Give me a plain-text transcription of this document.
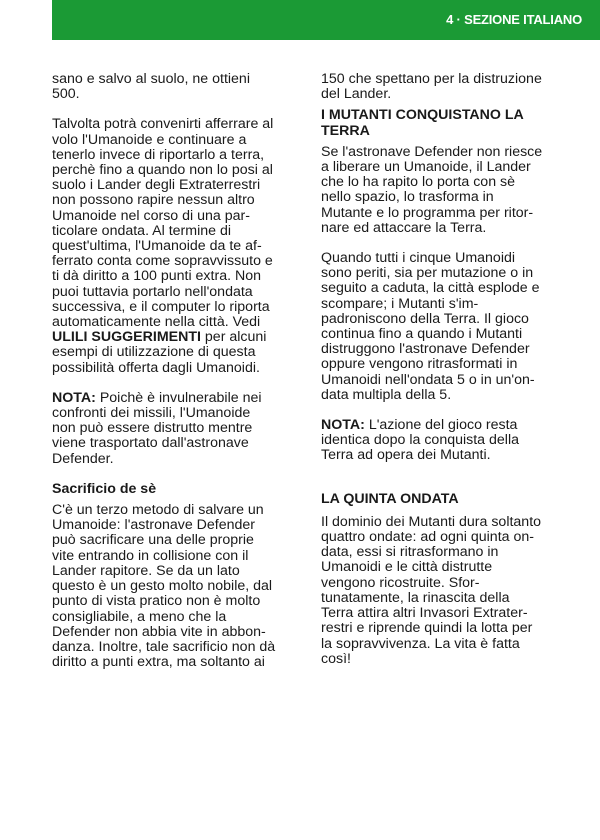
4 · SEZIONE ITALIANO
sano e salvo al suolo, ne ottieni
500.
Talvolta potrà convenirti afferrare al
volo l'Umanoide e continuare a
tenerlo invece di riportarlo a terra,
perchè fino a quando non lo posi al
suolo i Lander degli Extraterrestri
non possono rapire nessun altro
Umanoide nel corso di una par-
ticolare ondata. Al termine di
quest'ultima, l'Umanoide da te af-
ferrato conta come sopravvissuto e
ti dà diritto a 100 punti extra. Non
puoi tuttavia portarlo nell'ondata
successiva, e il computer lo riporta
automaticamente nella città. Vedi
ULILI SUGGERIMENTI per alcuni
esempi di utilizzazione di questa
possibilità offerta dagli Umanoidi.
NOTA: Poichè è invulnerabile nei
confronti dei missili, l'Umanoide
non può essere distrutto mentre
viene trasportato dall'astronave
Defender.
Sacrificio de sè
C'è un terzo metodo di salvare un
Umanoide: l'astronave Defender
può sacrificare una delle proprie
vite entrando in collisione con il
Lander rapitore. Se da un lato
questo è un gesto molto nobile, dal
punto di vista pratico non è molto
consigliabile, a meno che la
Defender non abbia vite in abbon-
danza. Inoltre, tale sacrificio non dà
diritto a punti extra, ma soltanto ai
150 che spettano per la distruzione
del Lander.
I MUTANTI CONQUISTANO LA
TERRA
Se l'astronave Defender non riesce
a liberare un Umanoide, il Lander
che lo ha rapito lo porta con sè
nello spazio, lo trasforma in
Mutante e lo programma per ritor-
nare ed attaccare la Terra.
Quando tutti i cinque Umanoidi
sono periti, sia per mutazione o in
seguito a caduta, la città esplode e
scompare; i Mutanti s'im-
padroniscono della Terra. Il gioco
continua fino a quando i Mutanti
distruggono l'astronave Defender
oppure vengono ritrasformati in
Umanoidi nell'ondata 5 o in un'on-
data multipla della 5.
NOTA: L'azione del gioco resta
identica dopo la conquista della
Terra ad opera dei Mutanti.
LA QUINTA ONDATA
Il dominio dei Mutanti dura soltanto
quattro ondate: ad ogni quinta on-
data, essi si ritrasformano in
Umanoidi e le città distrutte
vengono ricostruite. Sfor-
tunatamente, la rinascita della
Terra attira altri Invasori Extrater-
restri e riprende quindi la lotta per
la sopravvivenza. La vita è fatta
così!
